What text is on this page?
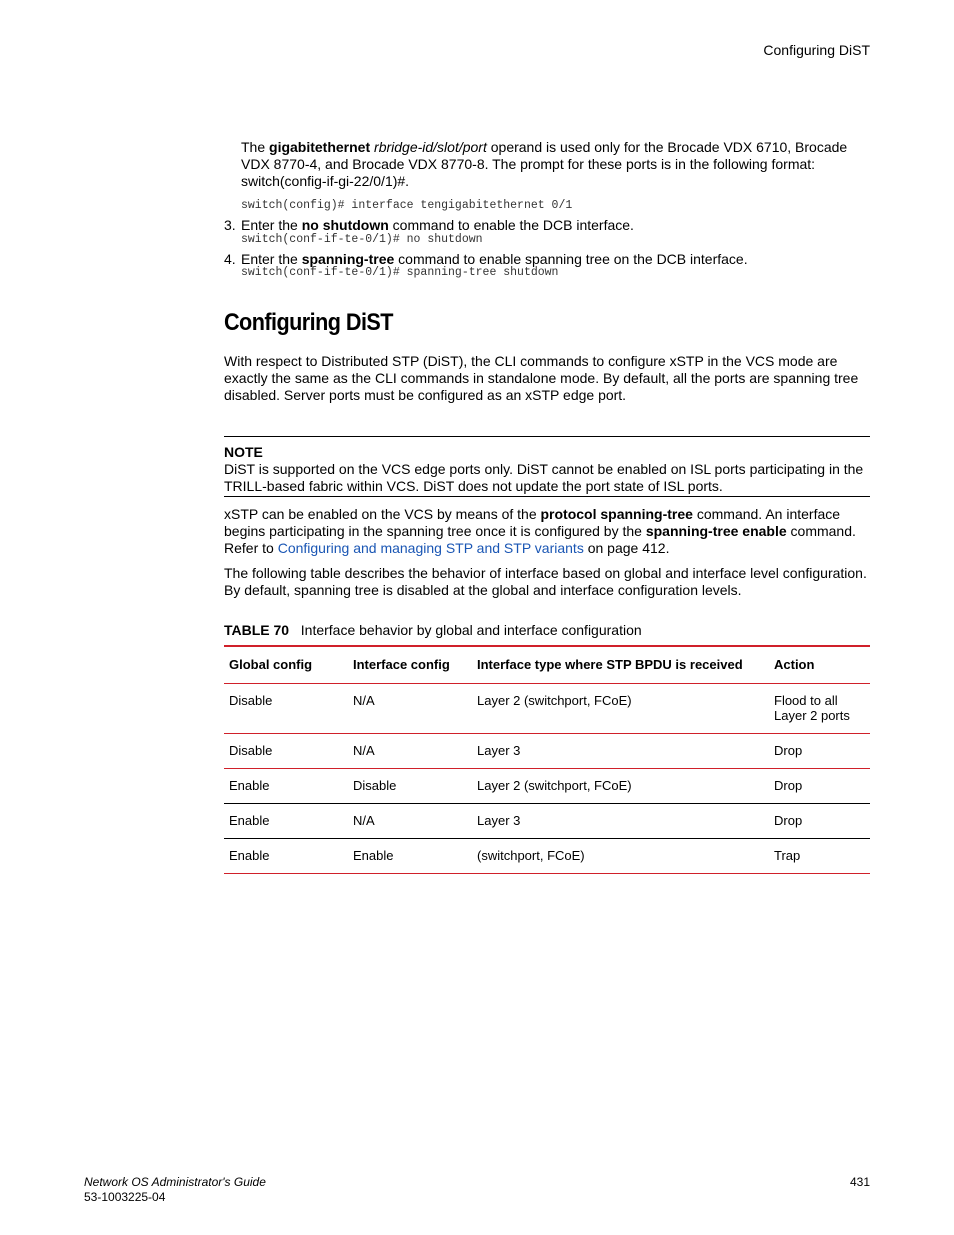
Configuring DiST
The gigabitethernet rbridge-id/slot/port operand is used only for the Brocade VDX 6710, Brocade
VDX 8770-4, and Brocade VDX 8770-8. The prompt for these ports is in the following format:
switch(config-if-gi-22/0/1)#.
switch(config)# interface tengigabitethernet 0/1
3. Enter the no shutdown command to enable the DCB interface.
switch(conf-if-te-0/1)# no shutdown
4. Enter the spanning-tree command to enable spanning tree on the DCB interface.
switch(conf-if-te-0/1)# spanning-tree shutdown
Configuring DiST
With respect to Distributed STP (DiST), the CLI commands to configure xSTP in the VCS mode are exactly the same as the CLI commands in standalone mode. By default, all the ports are spanning tree disabled. Server ports must be configured as an xSTP edge port.
NOTE
DiST is supported on the VCS edge ports only. DiST cannot be enabled on ISL ports participating in the TRILL-based fabric within VCS. DiST does not update the port state of ISL ports.
xSTP can be enabled on the VCS by means of the protocol spanning-tree command. An interface begins participating in the spanning tree once it is configured by the spanning-tree enable command. Refer to Configuring and managing STP and STP variants on page 412.
The following table describes the behavior of interface based on global and interface level configuration. By default, spanning tree is disabled at the global and interface configuration levels.
TABLE 70 Interface behavior by global and interface configuration
Global config	Interface config	Interface type where STP BPDU is received	Action
Disable	N/A	Layer 2 (switchport, FCoE)	Flood to all Layer 2 ports
Disable	N/A	Layer 3	Drop
Enable	Disable	Layer 2 (switchport, FCoE)	Drop
Enable	N/A	Layer 3	Drop
Enable	Enable	(switchport, FCoE)	Trap
Network OS Administrator's Guide
53-1003225-04
431
